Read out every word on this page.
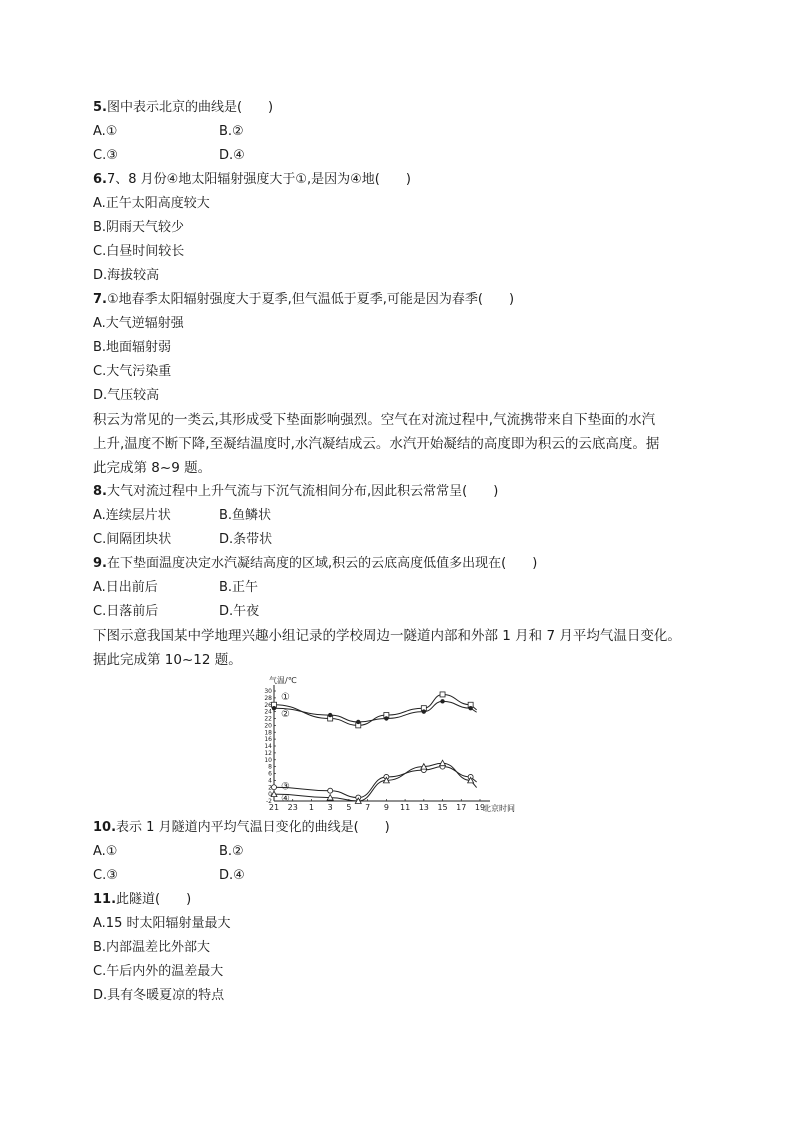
5.图中表示北京的曲线是(　　)
A.①	B.②
C.③	D.④
6.7、8 月份④地太阳辐射强度大于①,是因为④地(　　)
A.正午太阳高度较大
B.阴雨天气较少
C.白昼时间较长
D.海拔较高
7.①地春季太阳辐射强度大于夏季,但气温低于夏季,可能是因为春季(　　)
A.大气逆辐射强
B.地面辐射弱
C.大气污染重
D.气压较高
积云为常见的一类云,其形成受下垫面影响强烈。空气在对流过程中,气流携带来自下垫面的水汽
上升,温度不断下降,至凝结温度时,水汽凝结成云。水汽开始凝结的高度即为积云的云底高度。据
此完成第 8~9 题。
8.大气对流过程中上升气流与下沉气流相间分布,因此积云常常呈(　　)
A.连续层片状	B.鱼鳞状
C.间隔团块状	D.条带状
9.在下垫面温度决定水汽凝结高度的区域,积云的云底高度低值多出现在(　　)
A.日出前后	B.正午
C.日落前后	D.午夜
下图示意我国某中学地理兴趣小组记录的学校周边一隧道内部和外部 1 月和 7 月平均气温日变化。
据此完成第 10~12 题。
30
28
26
24
22
20
18
16
14
12
10
8
6
4
2
0
-2
21 23 1 3 5 7 9 11 13 15 17 19
气温/℃
北京时间
①
②
③
④
10.表示 1 月隧道内平均气温日变化的曲线是(　　)
A.①	B.②
C.③	D.④
11.此隧道(　　)
A.15 时太阳辐射量最大
B.内部温差比外部大
C.午后内外的温差最大
D.具有冬暖夏凉的特点
